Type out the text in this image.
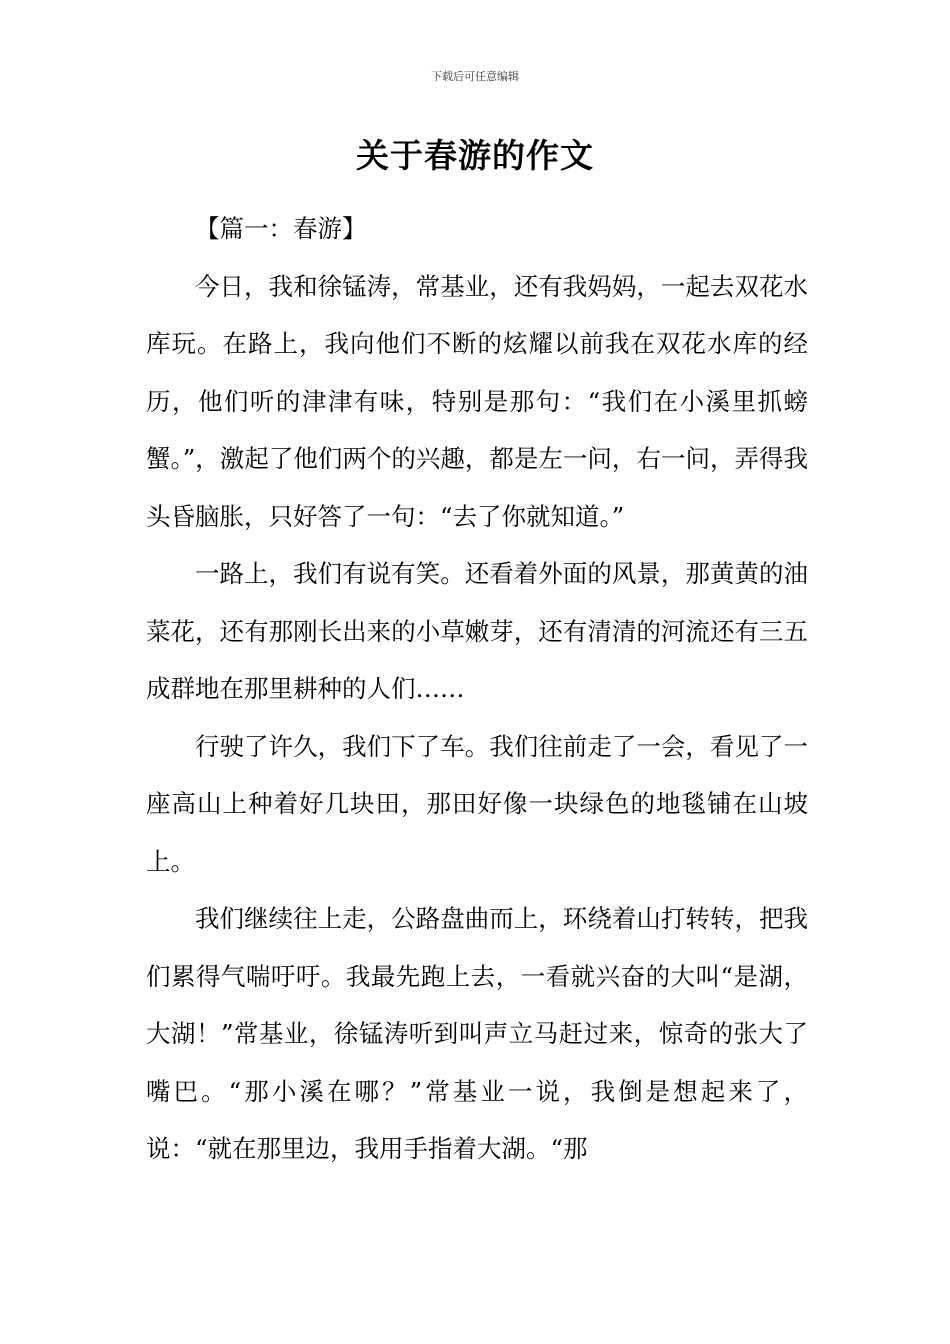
下载后可任意编辑
关于春游的作文
【篇一：春游】

今日，我和徐锰涛，常基业，还有我妈妈，一起去双花水库玩。在路上，我向他们不断的炫耀以前我在双花水库的经历，他们听的津津有味，特别是那句：“我们在小溪里抓螃蟹。”，激起了他们两个的兴趣，都是左一问，右一问，弄得我头昏脑胀，只好答了一句：“去了你就知道。”

一路上，我们有说有笑。还看着外面的风景，那黄黄的油菜花，还有那刚长出来的小草嫩芽，还有清清的河流还有三五成群地在那里耕种的人们……

行驶了许久，我们下了车。我们往前走了一会，看见了一座高山上种着好几块田，那田好像一块绿色的地毯铺在山坡上。

我们继续往上走，公路盘曲而上，环绕着山打转转，把我们累得气喘吁吁。我最先跑上去，一看就兴奋的大叫“是湖，大湖！”常基业，徐锰涛听到叫声立马赶过来，惊奇的张大了嘴巴。“那小溪在哪？”常基业一说，我倒是想起来了，说：“就在那里边，我用手指着大湖。“那
